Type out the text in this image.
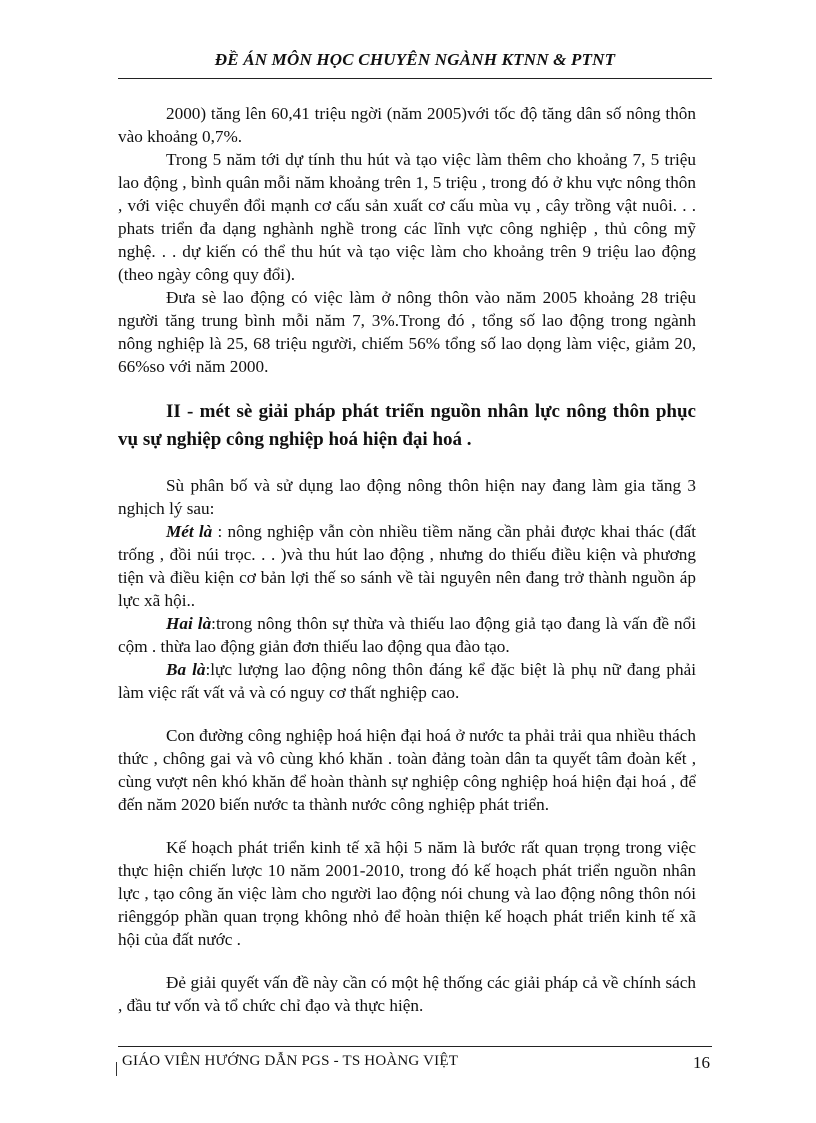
ĐỀ ÁN MÔN HỌC CHUYÊN NGÀNH KTNN & PTNT

2000) tăng lên 60,41 triệu ngời (năm 2005)với tốc độ tăng dân số nông thôn vào khoảng 0,7%.

Trong 5 năm tới dự tính thu hút và tạo việc làm thêm cho khoảng 7, 5 triệu lao động , bình quân mỗi năm khoảng trên 1, 5 triệu , trong đó ở khu vực nông thôn , với việc chuyển đổi mạnh cơ cấu sản xuất cơ cấu mùa vụ , cây trồng vật nuôi. . . phats triển đa dạng nghành nghề trong các lĩnh vực công nghiệp , thủ công mỹ nghệ. . . dự kiến có thể thu hút và tạo việc làm cho khoảng trên 9 triệu lao động (theo ngày công quy đổi).

Đưa sè lao động có việc làm ở nông thôn vào năm 2005 khoảng 28 triệu người tăng trung bình mỗi năm 7, 3%.Trong đó , tổng số lao động trong ngành nông nghiệp là 25, 68 triệu người, chiếm 56% tổng số lao dọng làm việc, giảm 20, 66%so với năm 2000.

II - mét sè giải pháp phát triển nguồn nhân lực nông thôn phục vụ sự nghiệp công nghiệp hoá hiện đại hoá .

Sù phân bố và sử dụng lao động nông thôn hiện nay đang làm gia tăng 3 nghịch lý sau:

Mét là : nông nghiệp vẫn còn nhiều tiềm năng cần phải được khai thác (đất trống , đồi núi trọc. . . )và thu hút lao động , nhưng do thiếu điều kiện và phương tiện và điều kiện cơ bản lợi thế so sánh về tài nguyên nên đang trở thành nguồn áp lực xã hội..

Hai là:trong nông thôn sự thừa và thiếu lao động giả tạo đang là vấn đề nổi cộm . thừa lao động giản đơn thiếu lao động qua đào tạo.

Ba là:lực lượng lao động nông thôn đáng kể đặc biệt là phụ nữ đang phải làm việc rất vất vả và có nguy cơ thất nghiệp cao.

Con đường công nghiệp hoá hiện đại hoá ở nước ta phải trải qua nhiều thách thức , chông gai và vô cùng khó khăn . toàn đảng toàn dân ta quyết tâm đoàn kết , cùng vượt nên khó khăn để hoàn thành sự nghiệp công nghiệp hoá hiện đại hoá , để đến năm 2020 biến nước ta thành nước công nghiệp phát triển.

Kế hoạch phát triển kinh tế xã hội 5 năm là bước rất quan trọng trong việc thực hiện chiến lược 10 năm 2001-2010, trong đó kế hoạch phát triển nguồn nhân lực , tạo công ăn việc làm cho người lao động nói chung và lao động nông thôn nói riênggóp phần quan trọng không nhỏ để hoàn thiện kế hoạch phát triển kinh tế xã hội của đất nước .

Đẻ giải quyết vấn đề này cần có một hệ thống các giải pháp cả về chính sách , đầu tư vốn và tổ chức chỉ đạo và thực hiện.

GIÁO VIÊN HƯỚNG DẪN PGS - TS HOÀNG VIỆT	16
